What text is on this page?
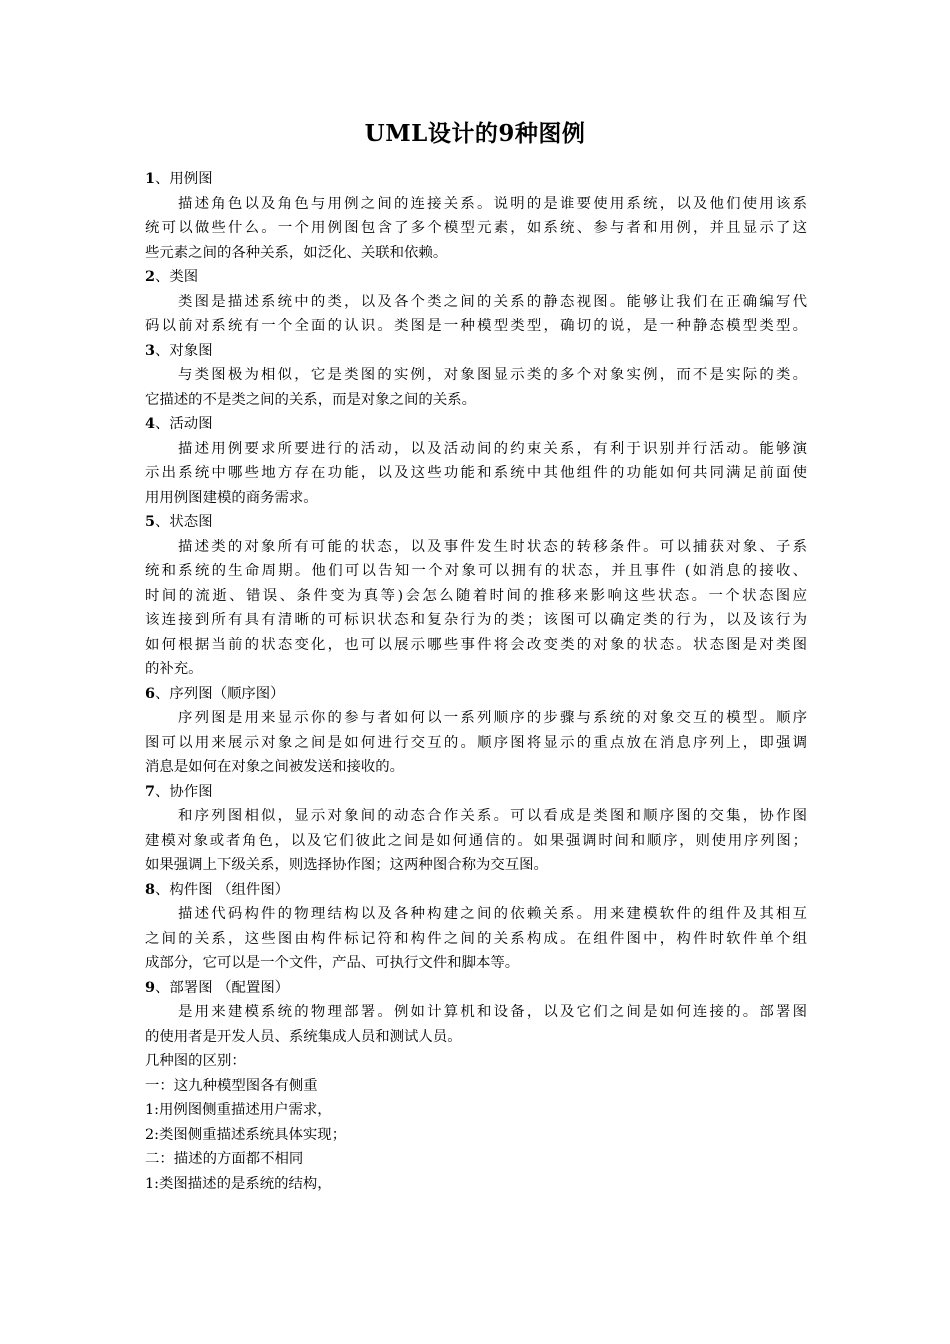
UML设计的9种图例
1、用例图
描述角色以及角色与用例之间的连接关系。说明的是谁要使用系统，以及他们使用该系
统可以做些什么。一个用例图包含了多个模型元素，如系统、参与者和用例，并且显示了这
些元素之间的各种关系，如泛化、关联和依赖。
2、类图
类图是描述系统中的类，以及各个类之间的关系的静态视图。能够让我们在正确编写代
码以前对系统有一个全面的认识。类图是一种模型类型，确切的说，是一种静态模型类型。
3、对象图
与类图极为相似，它是类图的实例，对象图显示类的多个对象实例，而不是实际的类。
它描述的不是类之间的关系，而是对象之间的关系。
4、活动图
描述用例要求所要进行的活动，以及活动间的约束关系，有利于识别并行活动。能够演
示出系统中哪些地方存在功能，以及这些功能和系统中其他组件的功能如何共同满足前面使
用用例图建模的商务需求。
5、状态图
描述类的对象所有可能的状态，以及事件发生时状态的转移条件。可以捕获对象、子系
统和系统的生命周期。他们可以告知一个对象可以拥有的状态，并且事件 (如消息的接收、
时间的流逝、错误、条件变为真等)会怎么随着时间的推移来影响这些状态。一个状态图应
该连接到所有具有清晰的可标识状态和复杂行为的类；该图可以确定类的行为，以及该行为
如何根据当前的状态变化，也可以展示哪些事件将会改变类的对象的状态。状态图是对类图
的补充。
6、序列图（顺序图）
序列图是用来显示你的参与者如何以一系列顺序的步骤与系统的对象交互的模型。顺序
图可以用来展示对象之间是如何进行交互的。顺序图将显示的重点放在消息序列上，即强调
消息是如何在对象之间被发送和接收的。
7、协作图
和序列图相似，显示对象间的动态合作关系。可以看成是类图和顺序图的交集，协作图
建模对象或者角色，以及它们彼此之间是如何通信的。如果强调时间和顺序，则使用序列图；
如果强调上下级关系，则选择协作图；这两种图合称为交互图。
8、构件图 （组件图）
描述代码构件的物理结构以及各种构建之间的依赖关系。用来建模软件的组件及其相互
之间的关系，这些图由构件标记符和构件之间的关系构成。在组件图中，构件时软件单个组
成部分，它可以是一个文件，产品、可执行文件和脚本等。
9、部署图 （配置图）
是用来建模系统的物理部署。例如计算机和设备，以及它们之间是如何连接的。部署图
的使用者是开发人员、系统集成人员和测试人员。
几种图的区别：
一：这九种模型图各有侧重
1:用例图侧重描述用户需求，
2:类图侧重描述系统具体实现；
二：描述的方面都不相同
1:类图描述的是系统的结构，
